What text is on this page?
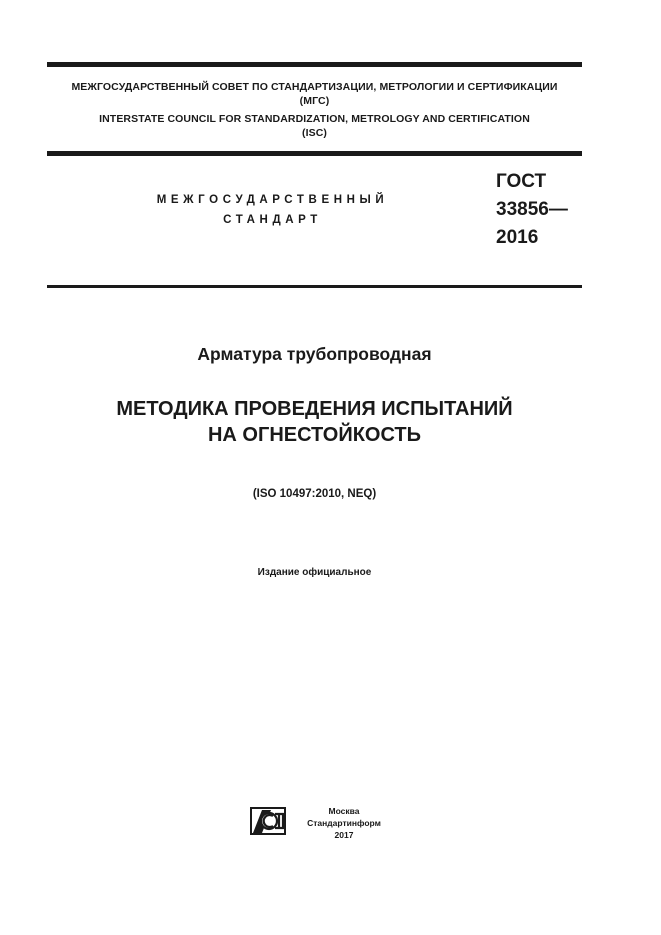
МЕЖГОСУДАРСТВЕННЫЙ СОВЕТ ПО СТАНДАРТИЗАЦИИ, МЕТРОЛОГИИ И СЕРТИФИКАЦИИ
(МГС)
INTERSTATE COUNCIL FOR STANDARDIZATION, METROLOGY AND CERTIFICATION
(ISC)
МЕЖГОСУДАРСТВЕННЫЙ
СТАНДАРТ
ГОСТ
33856—
2016
Арматура трубопроводная
МЕТОДИКА ПРОВЕДЕНИЯ ИСПЫТАНИЙ
НА ОГНЕСТОЙКОСТЬ
(ISO 10497:2010, NEQ)
Издание официальное
Москва
Стандартинформ
2017
